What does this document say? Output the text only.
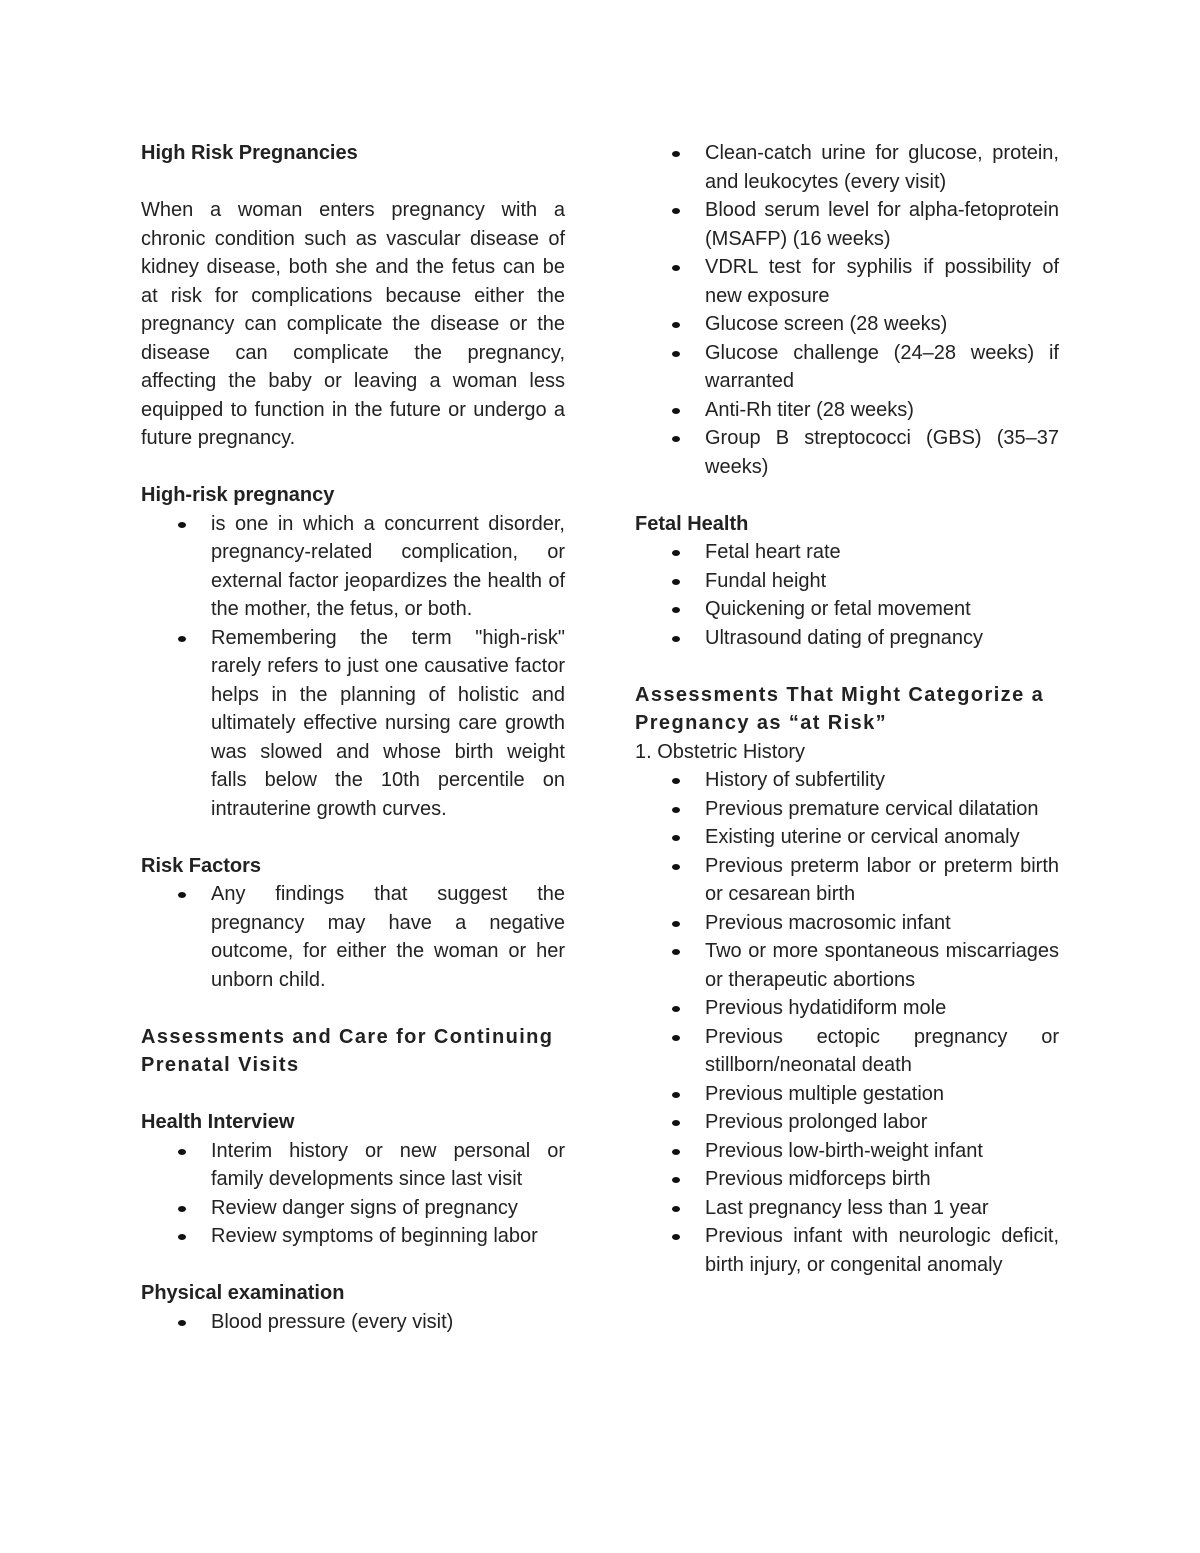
High Risk Pregnancies

When a woman enters pregnancy with a chronic condition such as vascular disease of kidney disease, both she and the fetus can be at risk for complications because either the pregnancy can complicate the disease or the disease can complicate the pregnancy, affecting the baby or leaving a woman less equipped to function in the future or undergo a future pregnancy.

High-risk pregnancy

is one in which a concurrent disorder, pregnancy-related complication, or external factor jeopardizes the health of the mother, the fetus, or both.
Remembering the term "high-risk" rarely refers to just one causative factor helps in the planning of holistic and ultimately effective nursing care growth was slowed and whose birth weight falls below the 10th percentile on intrauterine growth curves.

Risk Factors

Any findings that suggest the pregnancy may have a negative outcome, for either the woman or her unborn child.

Assessments and Care for Continuing Prenatal Visits

Health Interview

Interim history or new personal or family developments since last visit
Review danger signs of pregnancy
Review symptoms of beginning labor

Physical examination

Blood pressure (every visit)
Clean-catch urine for glucose, protein, and leukocytes (every visit)
Blood serum level for alpha-fetoprotein (MSAFP) (16 weeks)
VDRL test for syphilis if possibility of new exposure
Glucose screen (28 weeks)
Glucose challenge (24–28 weeks) if warranted
Anti-Rh titer (28 weeks)
Group B streptococci (GBS) (35–37 weeks)

Fetal Health

Fetal heart rate
Fundal height
Quickening or fetal movement
Ultrasound dating of pregnancy

Assessments That Might Categorize a Pregnancy as “at Risk”

1. Obstetric History

History of subfertility
Previous premature cervical dilatation
Existing uterine or cervical anomaly
Previous preterm labor or preterm birth or cesarean birth
Previous macrosomic infant
Two or more spontaneous miscarriages or therapeutic abortions
Previous hydatidiform mole
Previous ectopic pregnancy or stillborn/neonatal death
Previous multiple gestation
Previous prolonged labor
Previous low-birth-weight infant
Previous midforceps birth
Last pregnancy less than 1 year
Previous infant with neurologic deficit, birth injury, or congenital anomaly
